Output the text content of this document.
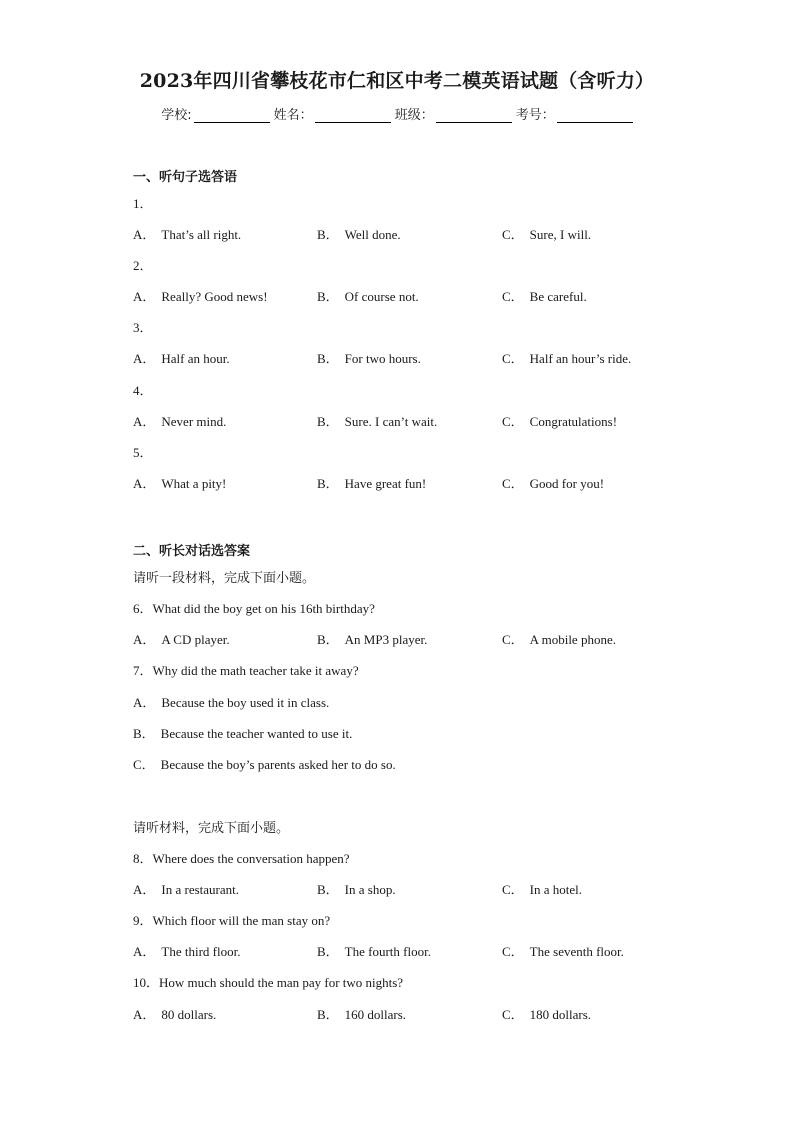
2023年四川省攀枝花市仁和区中考二模英语试题（含听力）
学校:	姓名：	班级：	考号：
一、听句子选答语
1．
A． That’s all right.	B． Well done.	C． Sure, I will.
2．
A． Really? Good news!	B． Of course not.	C． Be careful.
3．
A． Half an hour.	B． For two hours.	C． Half an hour’s ride.
4．
A． Never mind.	B． Sure. I can’t wait.	C． Congratulations!
5．
A． What a pity!	B． Have great fun!	C． Good for you!
二、听长对话选答案
请听一段材料，完成下面小题。
6．What did the boy get on his 16th birthday?
A． A CD player.	B． An MP3 player.	C． A mobile phone.
7．Why did the math teacher take it away?
A． Because the boy used it in class.
B． Because the teacher wanted to use it.
C． Because the boy’s parents asked her to do so.
请听材料，完成下面小题。
8．Where does the conversation happen?
A． In a restaurant.	B． In a shop.	C． In a hotel.
9．Which floor will the man stay on?
A． The third floor.	B． The fourth floor.	C． The seventh floor.
10．How much should the man pay for two nights?
A． 80 dollars.	B． 160 dollars.	C． 180 dollars.
